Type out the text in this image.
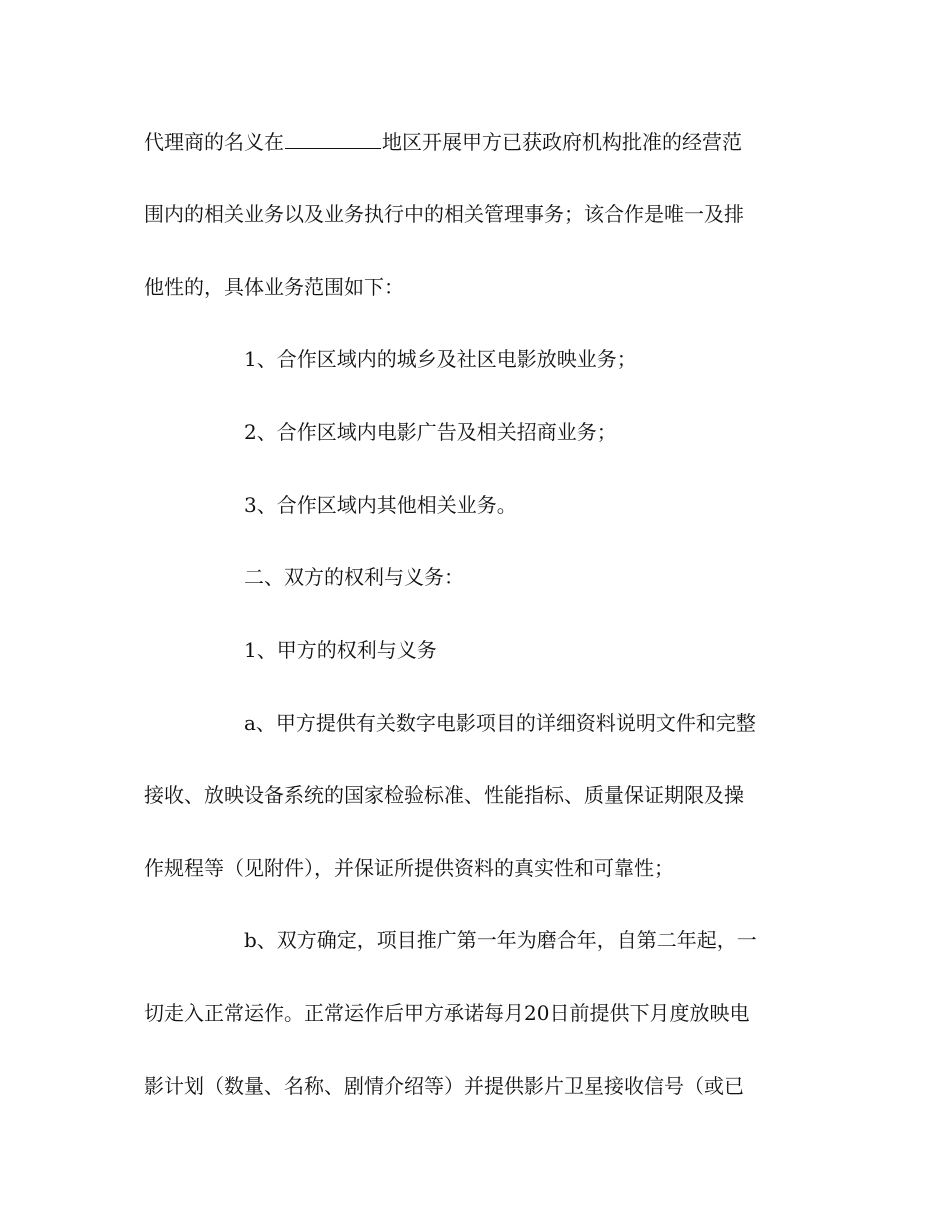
代理商的名义在	地区开展甲方已获政府机构批准的经营范
围内的相关业务以及业务执行中的相关管理事务；该合作是唯一及排
他性的，具体业务范围如下：
1、合作区域内的城乡及社区电影放映业务；
2、合作区域内电影广告及相关招商业务；
3、合作区域内其他相关业务。
二、双方的权利与义务：
1、甲方的权利与义务
a、甲方提供有关数字电影项目的详细资料说明文件和完整
接收、放映设备系统的国家检验标准、性能指标、质量保证期限及操
作规程等（见附件），并保证所提供资料的真实性和可靠性；
b、双方确定，项目推广第一年为磨合年，自第二年起，一
切走入正常运作。正常运作后甲方承诺每月20日前提供下月度放映电
影计划（数量、名称、剧情介绍等）并提供影片卫星接收信号（或已
